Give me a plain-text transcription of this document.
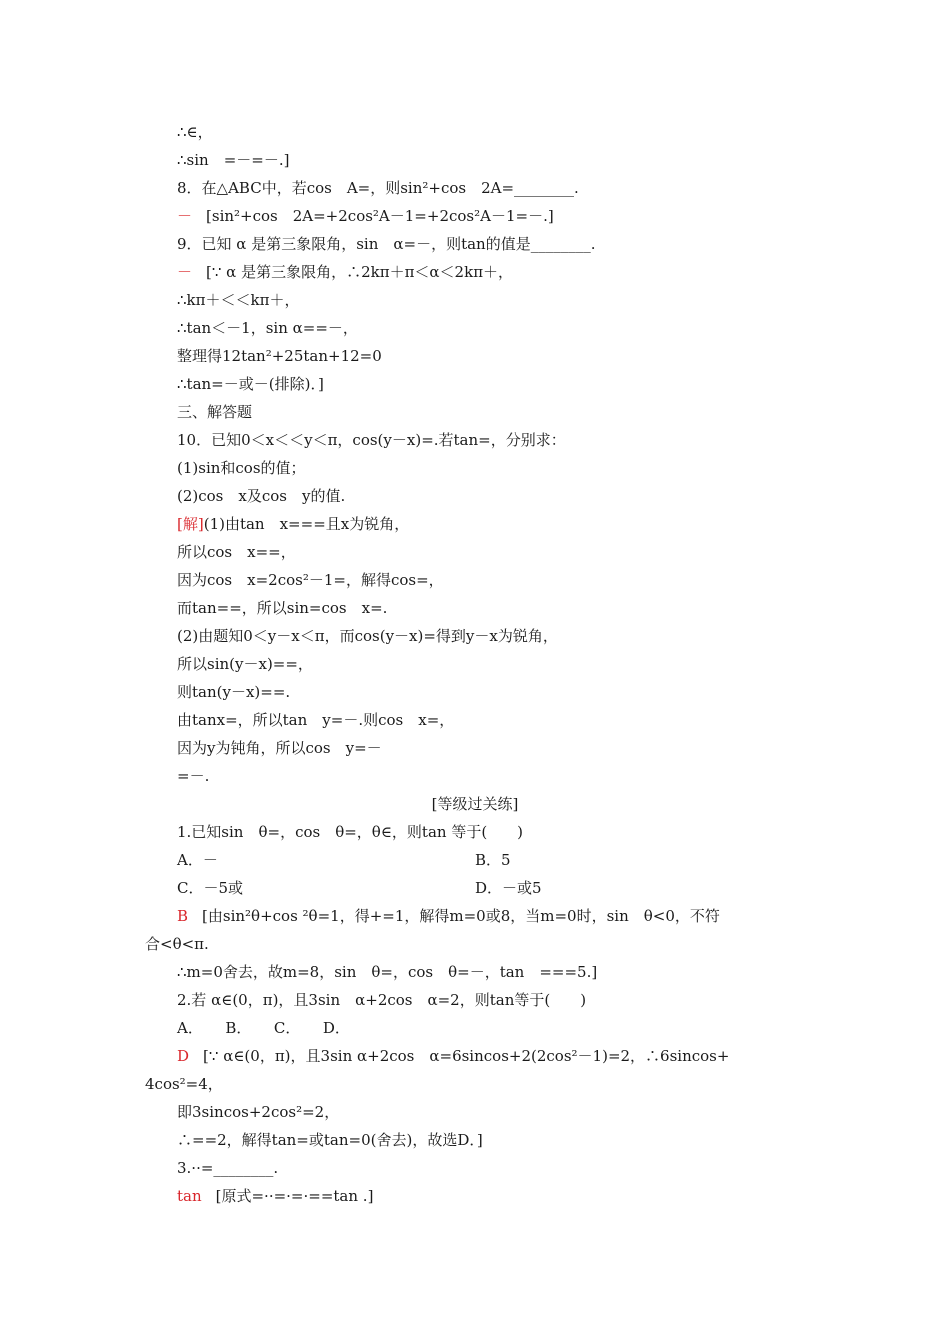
∴∈，
∴sin　=－=－.]
8．在△ABC中，若cos　A=，则sin²+cos　2A=________.
－ [sin²+cos　2A=+2cos²A－1=+2cos²A－1=－.]
9．已知 α 是第三象限角，sin　α=－，则tan的值是________.
－ [∵ α 是第三象限角，∴2kπ＋π＜α＜2kπ＋，
∴kπ＋＜＜kπ＋，
∴tan＜－1，sin α==－，
整理得12tan²+25tan+12=0
∴tan=－或－(排除)．]
三、解答题
10．已知0＜x＜＜y＜π，cos(y－x)=.若tan=，分别求：
(1)sin和cos的值；
(2)cos　x及cos　y的值.
[解](1)由tan　x===且x为锐角，
所以cos　x==，
因为cos　x=2cos²－1=，解得cos=，
而tan==，所以sin=cos　x=.
(2)由题知0＜y－x＜π，而cos(y－x)=得到y－x为锐角，
所以sin(y－x)==，
则tan(y－x)==.
由tanx=，所以tan　y=－.则cos　x=，
因为y为钝角，所以cos　y=－
=－.
[等级过关练]
1.已知sin　θ=，cos　θ=，θ∈，则tan 等于(　　)
A．－	B．5
C．－5或	D．－或5
B [由sin²θ+cos ²θ=1，得+=1，解得m=0或8，当m=0时，sin　θ<0，不符
合<θ<π.
∴m=0舍去，故m=8，sin　θ=，cos　θ=－，tan　===5.]
2.若 α∈(0，π)，且3sin　α+2cos　α=2，则tan等于(　　)
A．　　B．　　C．　　D．
D [∵ α∈(0，π)，且3sin α+2cos　α=6sincos+2(2cos²－1)=2，∴6sincos+
4cos²=4，
即3sincos+2cos²=2，
∴==2，解得tan=或tan=0(舍去)，故选D．]
3.··=________.
tan [原式=··=·=·==tan .]
